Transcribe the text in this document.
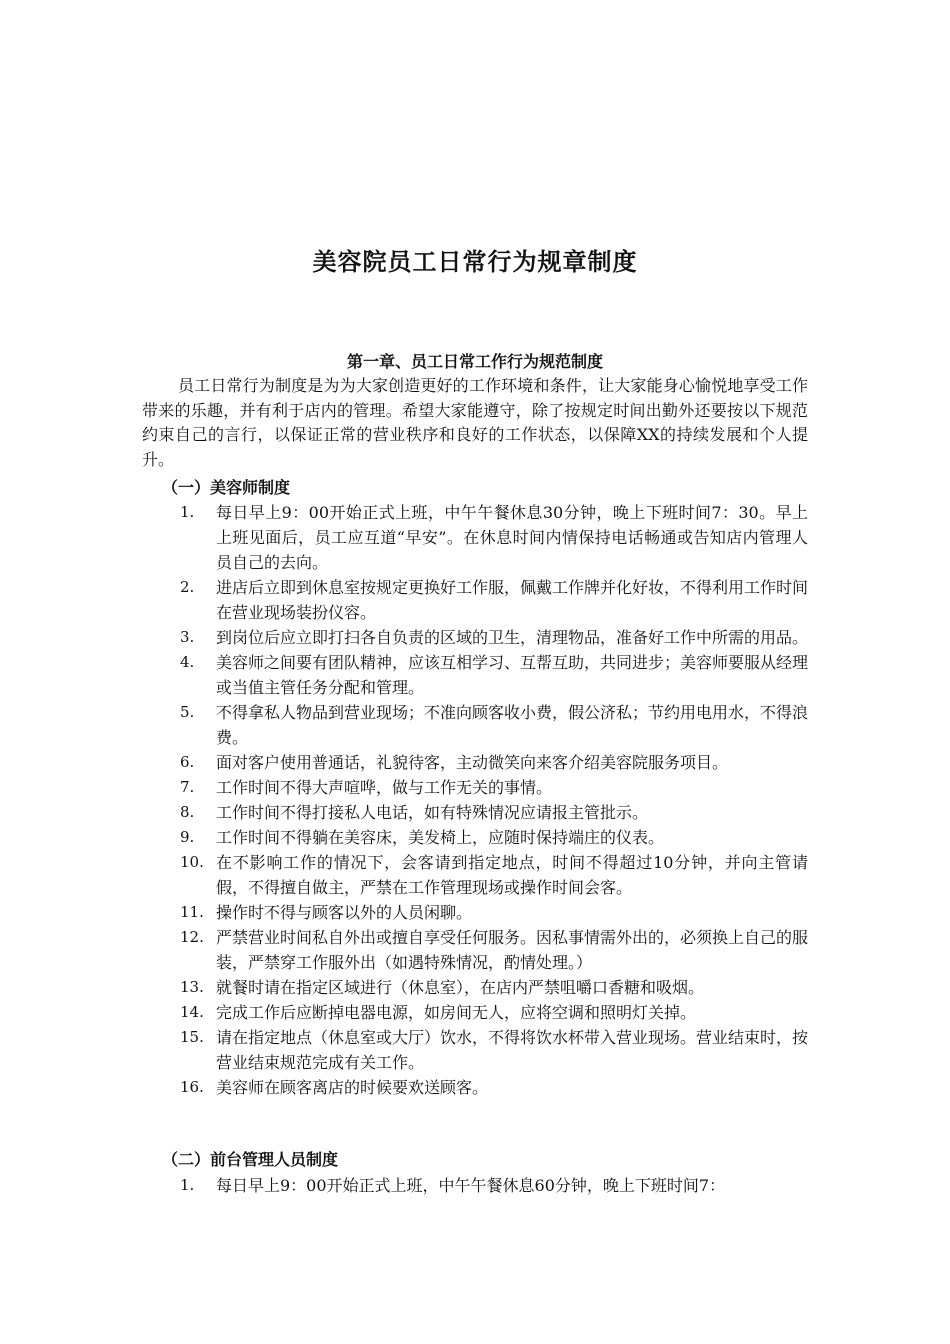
美容院员工日常行为规章制度
第一章、员工日常工作行为规范制度

员工日常行为制度是为为大家创造更好的工作环境和条件，让大家能身心愉悦地享受工作带来的乐趣，并有利于店内的管理。希望大家能遵守，除了按规定时间出勤外还要按以下规范约束自己的言行，以保证正常的营业秩序和良好的工作状态，以保障XX的持续发展和个人提升。

（一）美容师制度
1.	每日早上9：00开始正式上班，中午午餐休息30分钟，晚上下班时间7：30。早上上班见面后，员工应互道“早安”。在休息时间内情保持电话畅通或告知店内管理人员自己的去向。
2.	进店后立即到休息室按规定更换好工作服，佩戴工作牌并化好妆，不得利用工作时间在营业现场装扮仪容。
3.	到岗位后应立即打扫各自负责的区域的卫生，清理物品，准备好工作中所需的用品。
4.	美容师之间要有团队精神，应该互相学习、互帮互助，共同进步；美容师要服从经理或当值主管任务分配和管理。
5.	不得拿私人物品到营业现场；不准向顾客收小费，假公济私；节约用电用水，不得浪费。
6.	面对客户使用普通话，礼貌待客，主动微笑向来客介绍美容院服务项目。
7.	工作时间不得大声喧哗，做与工作无关的事情。
8.	工作时间不得打接私人电话，如有特殊情况应请报主管批示。
9.	工作时间不得躺在美容床，美发椅上，应随时保持端庄的仪表。
10. 在不影响工作的情况下，会客请到指定地点，时间不得超过10分钟，并向主管请假，不得擅自做主，严禁在工作管理现场或操作时间会客。
11. 操作时不得与顾客以外的人员闲聊。
12. 严禁营业时间私自外出或擅自享受任何服务。因私事情需外出的，必须换上自己的服装，严禁穿工作服外出（如遇特殊情况，酌情处理。）
13. 就餐时请在指定区域进行（休息室），在店内严禁咀嚼口香糖和吸烟。
14. 完成工作后应断掉电器电源，如房间无人，应将空调和照明灯关掉。
15. 请在指定地点（休息室或大厅）饮水，不得将饮水杯带入营业现场。营业结束时，按营业结束规范完成有关工作。
16. 美容师在顾客离店的时候要欢送顾客。
（二）前台管理人员制度
1.	每日早上9：00开始正式上班，中午午餐休息60分钟，晚上下班时间7：
